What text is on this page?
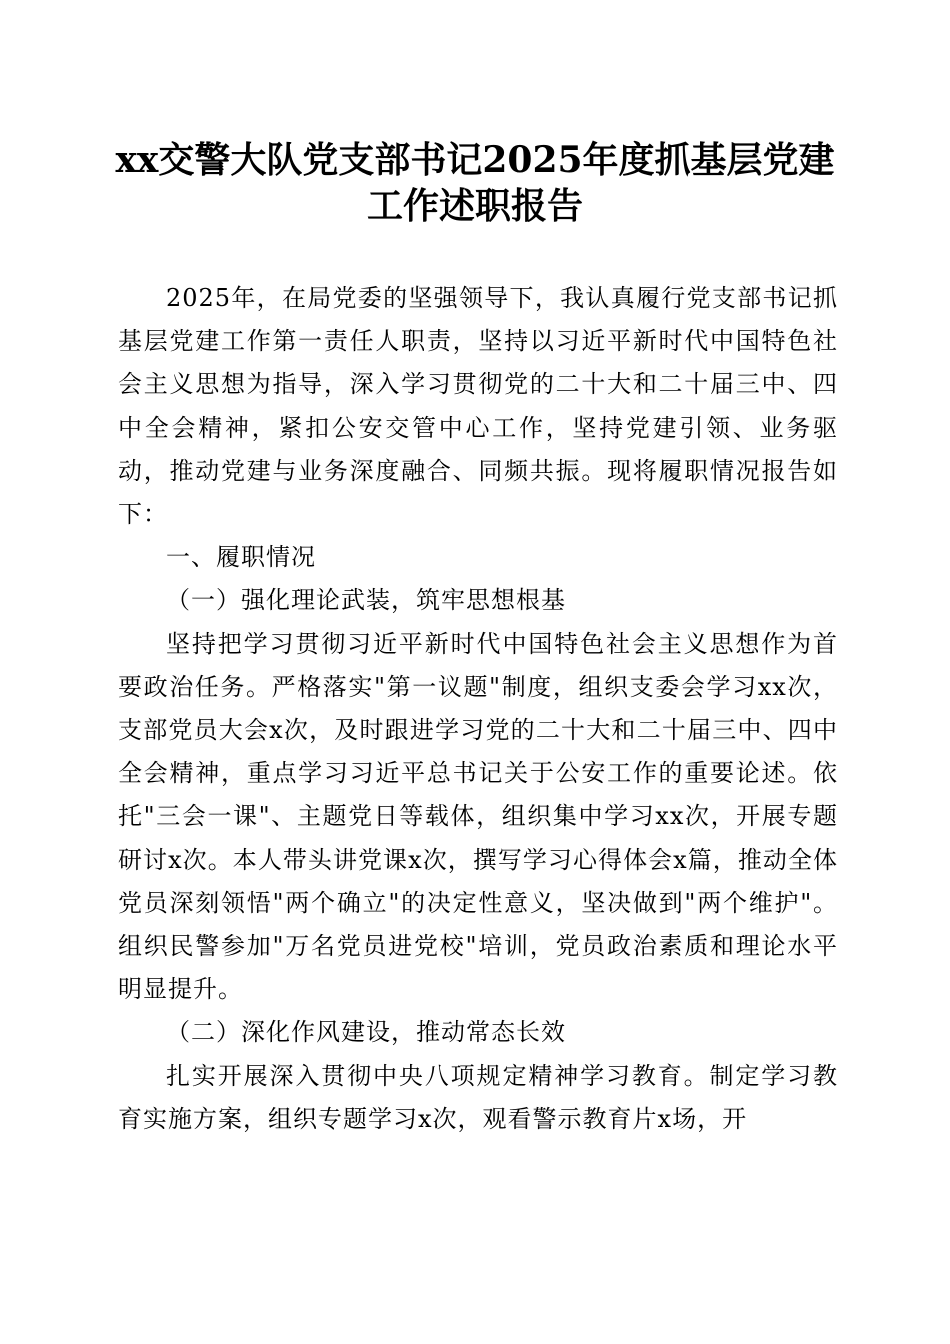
xx交警大队党支部书记2025年度抓基层党建
工作述职报告

2025年，在局党委的坚强领导下，我认真履行党支部书记抓基层党建工作第一责任人职责，坚持以习近平新时代中国特色社会主义思想为指导，深入学习贯彻党的二十大和二十届三中、四中全会精神，紧扣公安交管中心工作，坚持党建引领、业务驱动，推动党建与业务深度融合、同频共振。现将履职情况报告如下：

一、履职情况

（一）强化理论武装，筑牢思想根基

坚持把学习贯彻习近平新时代中国特色社会主义思想作为首要政治任务。严格落实"第一议题"制度，组织支委会学习xx次，支部党员大会x次，及时跟进学习党的二十大和二十届三中、四中全会精神，重点学习习近平总书记关于公安工作的重要论述。依托"三会一课"、主题党日等载体，组织集中学习xx次，开展专题研讨x次。本人带头讲党课x次，撰写学习心得体会x篇，推动全体党员深刻领悟"两个确立"的决定性意义，坚决做到"两个维护"。组织民警参加"万名党员进党校"培训，党员政治素质和理论水平明显提升。

（二）深化作风建设，推动常态长效

扎实开展深入贯彻中央八项规定精神学习教育。制定学习教育实施方案，组织专题学习x次，观看警示教育片x场，开
